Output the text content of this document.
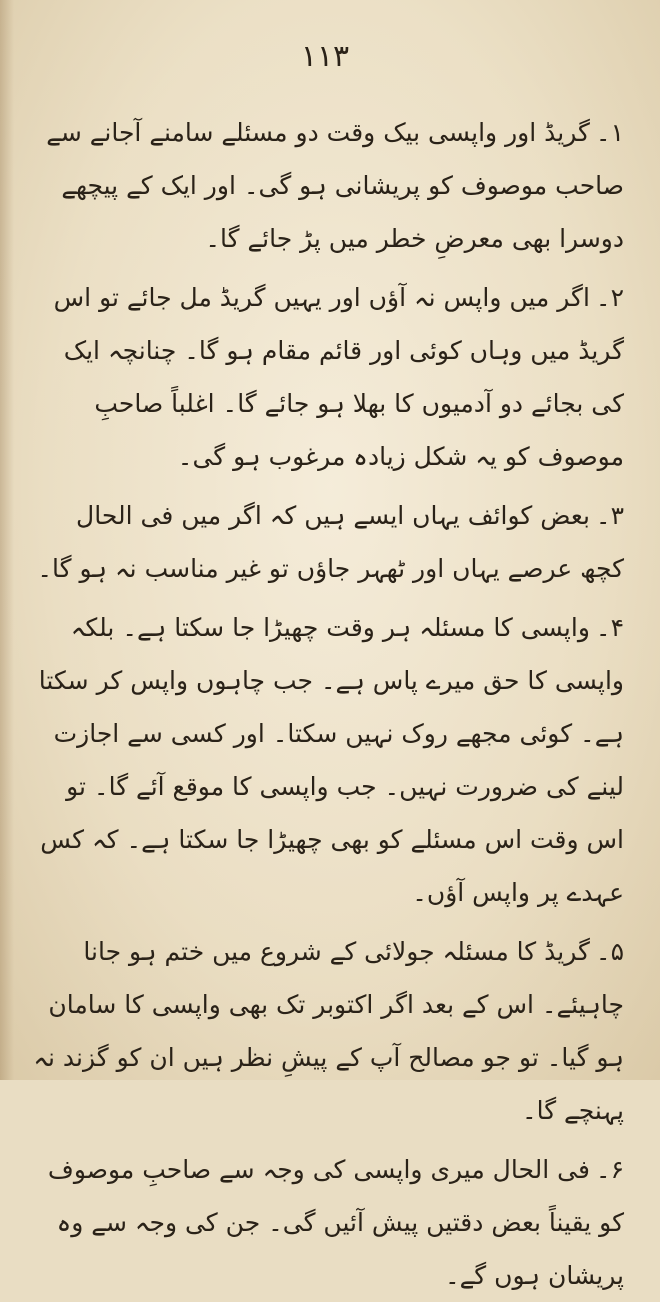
۱۱۳

۱۔گریڈ اور واپسی بیک وقت دو مسئلے سامنے آجانے سے صاحب موصوف کو پریشانی ہو گی۔ اور ایک کے پیچھے دوسرا بھی معرضِ خطر میں پڑ جائے گا۔

۲۔اگر میں واپس نہ آؤں اور یہیں گریڈ مل جائے تو اس گریڈ میں وہاں کوئی اور قائم مقام ہو گا۔ چنانچہ ایک کی بجائے دو آدمیوں کا بھلا ہو جائے گا۔ اغلباً صاحبِ موصوف کو یہ شکل زیادہ مرغوب ہو گی۔

۳۔بعض کوائف یہاں ایسے ہیں کہ اگر میں فی الحال کچھ عرصے یہاں اور ٹھہر جاؤں تو غیر مناسب نہ ہو گا۔

۴۔واپسی کا مسئلہ ہر وقت چھیڑا جا سکتا ہے۔ بلکہ واپسی کا حق میرے پاس ہے۔ جب چاہوں واپس کر سکتا ہے۔ کوئی مجھے روک نہیں سکتا۔ اور کسی سے اجازت لینے کی ضرورت نہیں۔ جب واپسی کا موقع آئے گا۔ تو اس وقت اس مسئلے کو بھی چھیڑا جا سکتا ہے۔ کہ کس عہدے پر واپس آؤں۔

۵۔گریڈ کا مسئلہ جولائی کے شروع میں ختم ہو جانا چاہیئے۔ اس کے بعد اگر اکتوبر تک بھی واپسی کا سامان ہو گیا۔ تو جو مصالح آپ کے پیشِ نظر ہیں ان کو گزند نہ پہنچے گا۔

۶۔فی الحال میری واپسی کی وجہ سے صاحبِ موصوف کو یقیناً بعض دقتیں پیش آئیں گی۔ جن کی وجہ سے وہ پریشان ہوں گے۔
